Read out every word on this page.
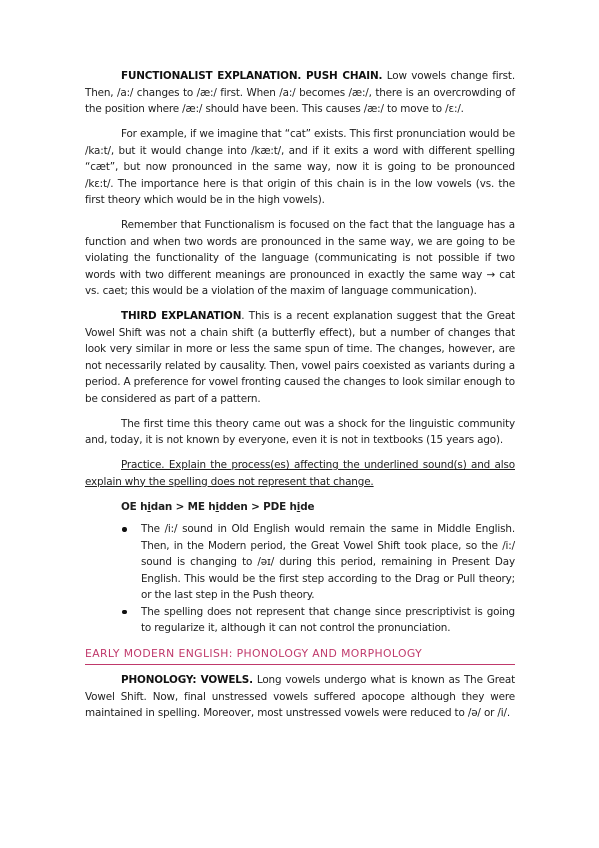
FUNCTIONALIST EXPLANATION. PUSH CHAIN. Low vowels change first. Then, /a:/ changes to /æ:/ first. When /a:/ becomes /æ:/, there is an overcrowding of the position where /æ:/ should have been. This causes /æ:/ to move to /ɛ:/.

For example, if we imagine that “cat” exists. This first pronunciation would be /ka:t/, but it would change into /kæ:t/, and if it exits a word with different spelling “cæt”, but now pronounced in the same way, now it is going to be pronounced /kɛ:t/. The importance here is that origin of this chain is in the low vowels (vs. the first theory which would be in the high vowels).

Remember that Functionalism is focused on the fact that the language has a function and when two words are pronounced in the same way, we are going to be violating the functionality of the language (communicating is not possible if two words with two different meanings are pronounced in exactly the same way → cat vs. caet; this would be a violation of the maxim of language communication).

THIRD EXPLANATION. This is a recent explanation suggest that the Great Vowel Shift was not a chain shift (a butterfly effect), but a number of changes that look very similar in more or less the same spun of time. The changes, however, are not necessarily related by causality. Then, vowel pairs coexisted as variants during a period. A preference for vowel fronting caused the changes to look similar enough to be considered as part of a pattern.

The first time this theory came out was a shock for the linguistic community and, today, it is not known by everyone, even it is not in textbooks (15 years ago).

Practice. Explain the process(es) affecting the underlined sound(s) and also explain why the spelling does not represent that change.

OE hidan > ME hidden > PDE hide
The /i:/ sound in Old English would remain the same in Middle English. Then, in the Modern period, the Great Vowel Shift took place, so the /i:/ sound is changing to /əɪ/ during this period, remaining in Present Day English. This would be the first step according to the Drag or Pull theory; or the last step in the Push theory.
The spelling does not represent that change since prescriptivist is going to regularize it, although it can not control the pronunciation.
EARLY MODERN ENGLISH: PHONOLOGY AND MORPHOLOGY

PHONOLOGY: VOWELS. Long vowels undergo what is known as The Great Vowel Shift. Now, final unstressed vowels suffered apocope although they were maintained in spelling. Moreover, most unstressed vowels were reduced to /ə/ or /i/.
